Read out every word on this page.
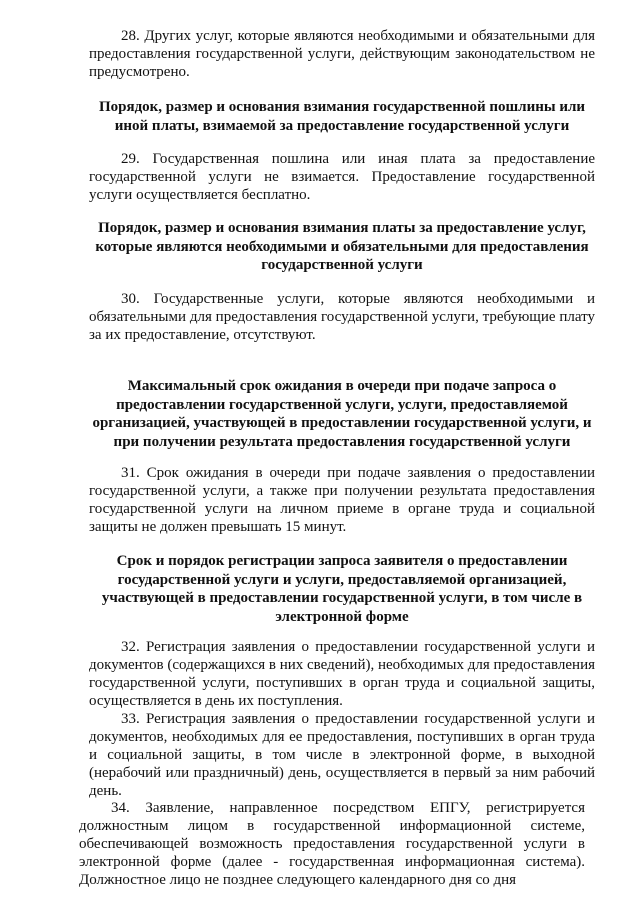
28. Других услуг, которые являются необходимыми и обязательными для предоставления государственной услуги, действующим законодательством не предусмотрено.

Порядок, размер и основания взимания государственной пошлины или иной платы, взимаемой за предоставление государственной услуги

29. Государственная пошлина или иная плата за предоставление государственной услуги не взимается. Предоставление государственной услуги осуществляется бесплатно.

Порядок, размер и основания взимания платы за предоставление услуг, которые являются необходимыми и обязательными для предоставления государственной услуги

30. Государственные услуги, которые являются необходимыми и обязательными для предоставления государственной услуги, требующие плату за их предоставление, отсутствуют.

Максимальный срок ожидания в очереди при подаче запроса о предоставлении государственной услуги, услуги, предоставляемой организацией, участвующей в предоставлении государственной услуги, и при получении результата предоставления государственной услуги

31. Срок ожидания в очереди при подаче заявления о предоставлении государственной услуги, а также при получении результата предоставления государственной услуги на личном приеме в органе труда и социальной защиты не должен превышать 15 минут.

Срок и порядок регистрации запроса заявителя о предоставлении государственной услуги и услуги, предоставляемой организацией, участвующей в предоставлении государственной услуги, в том числе в электронной форме

32. Регистрация заявления о предоставлении государственной услуги и документов (содержащихся в них сведений), необходимых для предоставления государственной услуги, поступивших в орган труда и социальной защиты, осуществляется в день их поступления.

33. Регистрация заявления о предоставлении государственной услуги и документов, необходимых для ее предоставления, поступивших в орган труда и социальной защиты, в том числе в электронной форме, в выходной (нерабочий или праздничный) день, осуществляется в первый за ним рабочий день.

34. Заявление, направленное посредством ЕПГУ, регистрируется должностным лицом в государственной информационной системе, обеспечивающей возможность предоставления государственной услуги в электронной форме (далее - государственная информационная система). Должностное лицо не позднее следующего календарного дня со дня
